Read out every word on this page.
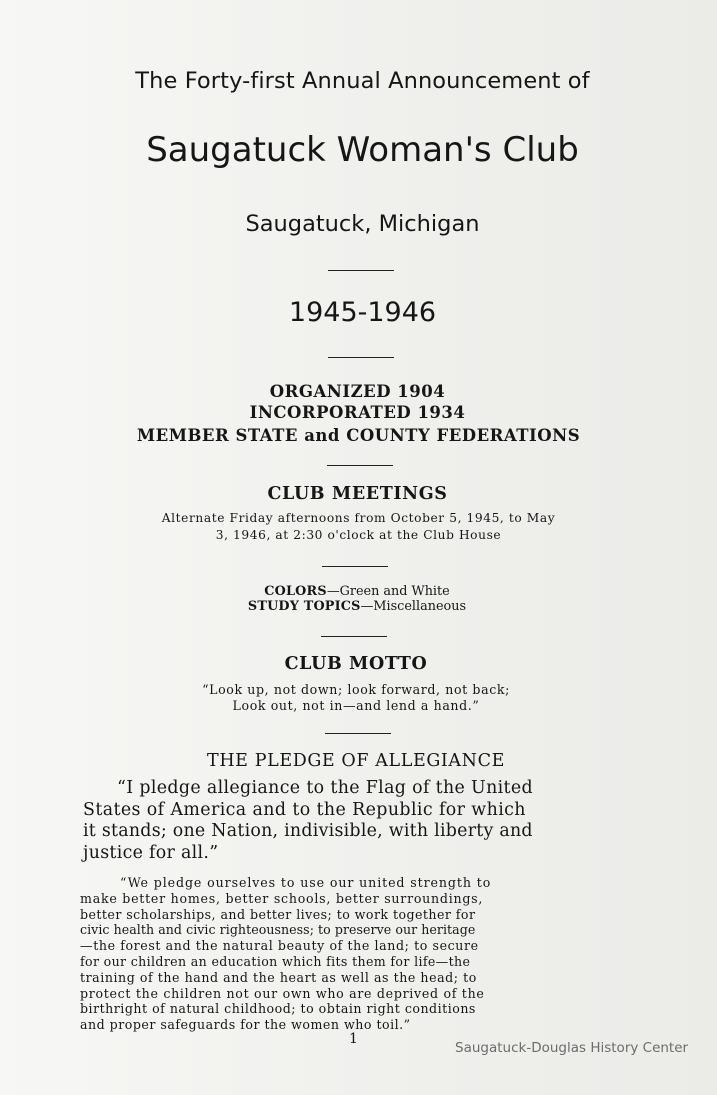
The Forty-first Annual Announcement of
Saugatuck Woman's Club
Saugatuck, Michigan
1945-1946
ORGANIZED 1904
INCORPORATED 1934
MEMBER STATE and COUNTY FEDERATIONS
CLUB MEETINGS
Alternate Friday afternoons from October 5, 1945, to May
3, 1946, at 2:30 o'clock at the Club House
COLORS—Green and White
STUDY TOPICS—Miscellaneous
CLUB MOTTO
“Look up, not down; look forward, not back;
Look out, not in—and lend a hand.”
THE PLEDGE OF ALLEGIANCE
“I pledge allegiance to the Flag of the United
States of America and to the Republic for which
it stands; one Nation, indivisible, with liberty and
justice for all.”
“We pledge ourselves to use our united strength to
make better homes, better schools, better surroundings,
better scholarships, and better lives; to work together for
civic health and civic righteousness; to preserve our heritage
—the forest and the natural beauty of the land; to secure
for our children an education which fits them for life—the
training of the hand and the heart as well as the head; to
protect the children not our own who are deprived of the
birthright of natural childhood; to obtain right conditions
and proper safeguards for the women who toil.”
1
Saugatuck-Douglas History Center
